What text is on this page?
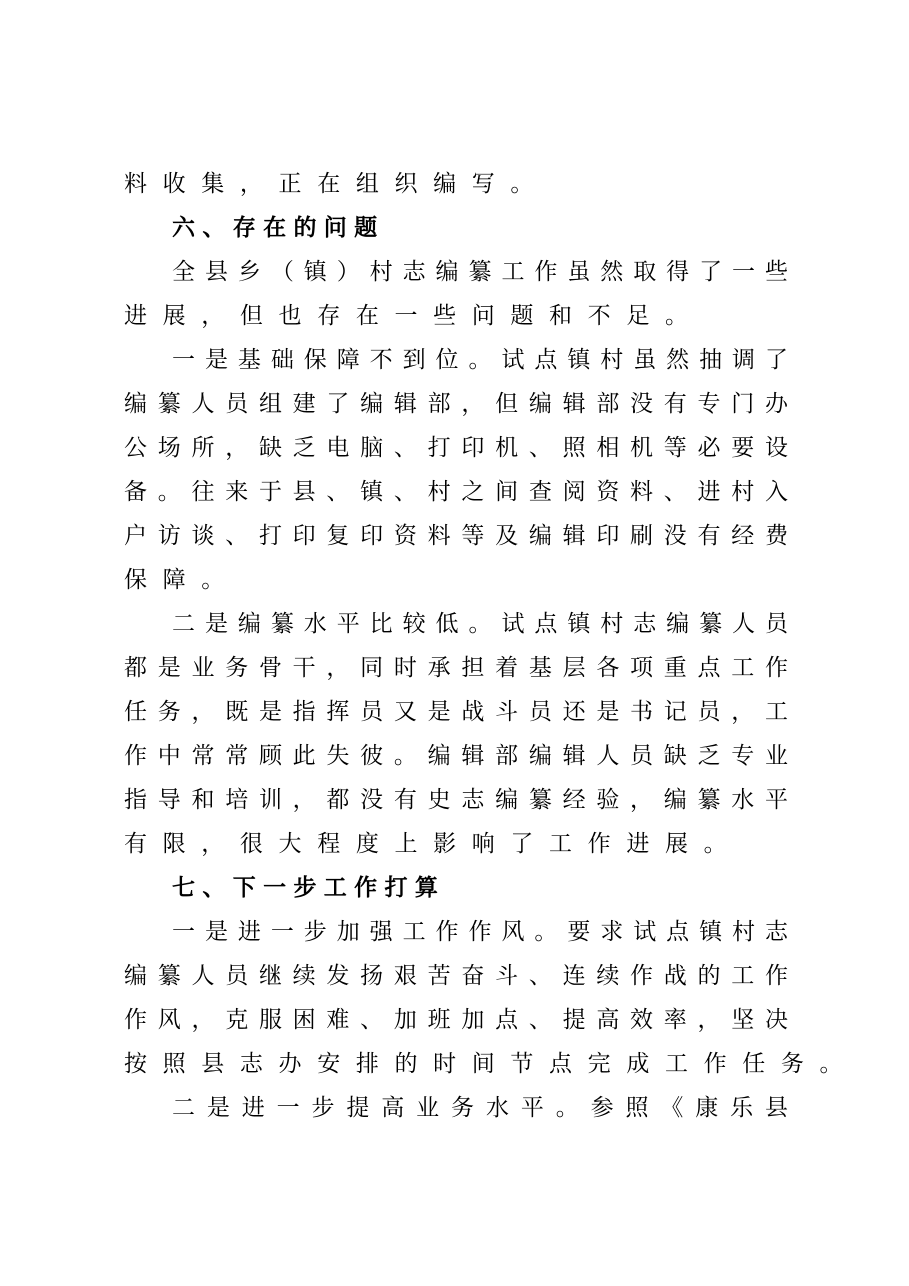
料收集，正在组织编写。
六、存在的问题
全县乡（镇）村志编纂工作虽然取得了一些
进展，但也存在一些问题和不足。
一是基础保障不到位。试点镇村虽然抽调了
编纂人员组建了编辑部，但编辑部没有专门办
公场所，缺乏电脑、打印机、照相机等必要设
备。往来于县、镇、村之间查阅资料、进村入
户访谈、打印复印资料等及编辑印刷没有经费
保障。
二是编纂水平比较低。试点镇村志编纂人员
都是业务骨干，同时承担着基层各项重点工作
任务，既是指挥员又是战斗员还是书记员，工
作中常常顾此失彼。编辑部编辑人员缺乏专业
指导和培训，都没有史志编纂经验，编纂水平
有限，很大程度上影响了工作进展。
七、下一步工作打算
一是进一步加强工作作风。要求试点镇村志
编纂人员继续发扬艰苦奋斗、连续作战的工作
作风，克服困难、加班加点、提高效率，坚决
按照县志办安排的时间节点完成工作任务。
二是进一步提高业务水平。参照《康乐县
